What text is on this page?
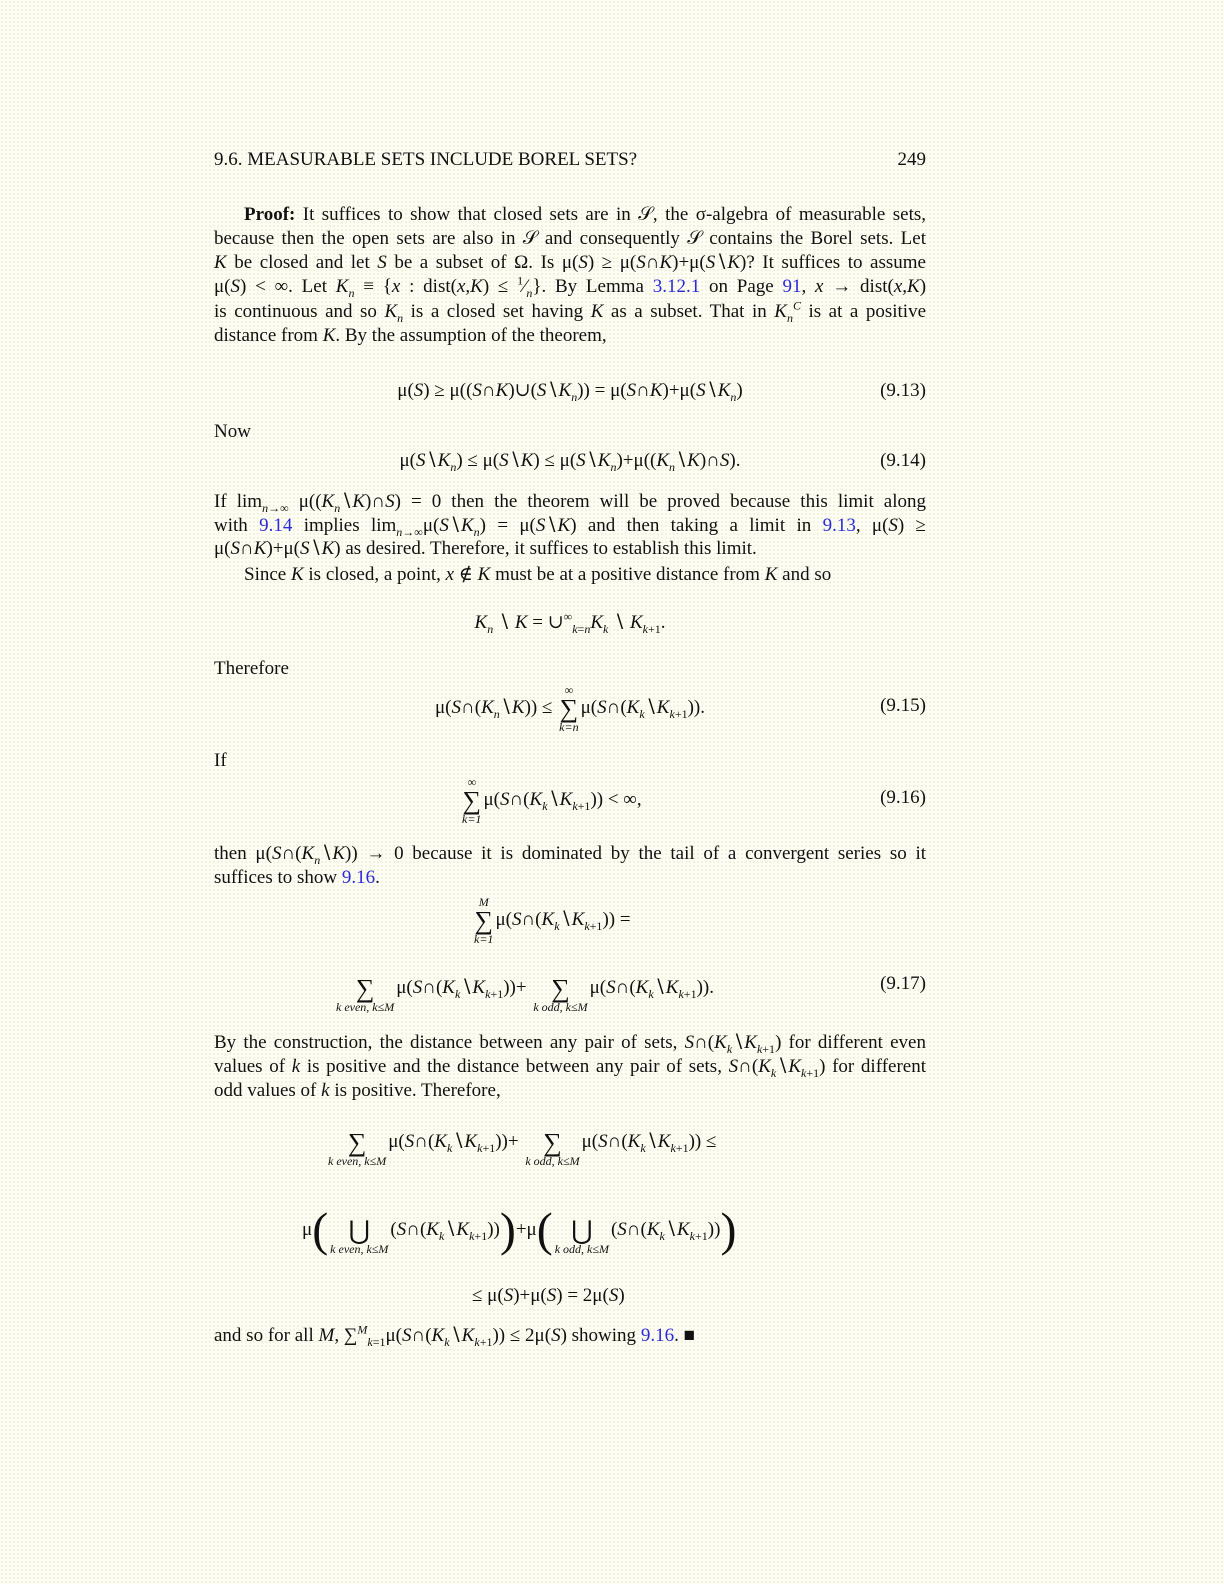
9.6. MEASURABLE SETS INCLUDE BOREL SETS?	249
Proof: It suffices to show that closed sets are in 𝒮, the σ-algebra of measurable sets,
because then the open sets are also in 𝒮 and consequently 𝒮 contains the Borel sets. Let
K be closed and let S be a subset of Ω. Is μ(S) ≥ μ(S∩K)+μ(S∖K)? It suffices to assume
μ(S) < ∞. Let $K_n \equiv \{x$ : dist(x,K) ≤ $^1⁄_n$}. By Lemma 3.12.1 on Page 91, x → dist(x,K)
is continuous and so $K_n$ is a closed set having K as a subset. That in $K_n^C$ is at a positive
distance from K. By the assumption of the theorem,
$\mu(S) \ge \mu((S\cap K)\cup(S∖K_n))$ = $\mu(S\cap K)+\mu(S∖K_n)$	(9.13)
Now
$\mu(S∖K_n)$ ≤ μ(S∖K) ≤ $\mu(S∖K_n)+\mu((K_n∖K)\cap S)$.	(9.14)
If $\lim_{n\to\infty}$ $\mu((K_n∖K)\cap S) = 0$ then the theorem will be proved because this limit along
with 9.14 implies $\lim_{n\to\infty}\mu(S∖K_n)$ = μ(S∖K) and then taking a limit in 9.13, μ(S) ≥
μ(S∩K)+μ(S∖K) as desired. Therefore, it suffices to establish this limit.
Since K is closed, a point, x ∉ K must be at a positive distance from K and so
$K_n$ ∖ $K = \cup^\infty_{k=n}K_k$ ∖ $K_{k+1}$.
Therefore
$\mu(S\cap(K_n∖K))$ ≤
∞
∑
k=n
$\mu(S\cap(K_k∖K_{k+1}))$.	(9.15)
If
∞
∑
k=1
$\mu(S\cap(K_k∖K_{k+1}))$ < ∞,	(9.16)
then $\mu(S\cap(K_n∖K)) \to 0$ because it is dominated by the tail of a convergent series so it
suffices to show 9.16.
M
∑
k=1
$\mu(S\cap(K_k∖K_{k+1}))$ =
∑
k even, k≤M
$\mu(S\cap(K_k∖K_{k+1}))+$ ∑
k odd, k≤M
$\mu(S\cap(K_k∖K_{k+1}))$.	(9.17)
By the construction, the distance between any pair of sets, $S\cap(K_k∖K_{k+1})$ for different even
values of k is positive and the distance between any pair of sets, $S\cap(K_k∖K_{k+1})$ for different
odd values of k is positive. Therefore,
∑
k even, k≤M
$\mu(S\cap(K_k∖K_{k+1}))+$ ∑
k odd, k≤M
$\mu(S\cap(K_k∖K_{k+1}))$ ≤
μ( ⋃
k even, k≤M
$(S\cap(K_k∖K_{k+1})))+\mu$( ⋃
k odd, k≤M
$(S\cap(K_k∖K_{k+1}))$)
≤ μ(S)+μ(S) = 2μ(S)
and so for all M, $\sum^M_{k=1}\mu(S\cap(K_k∖K_{k+1})) \le 2\mu(S)$ showing 9.16. ■
